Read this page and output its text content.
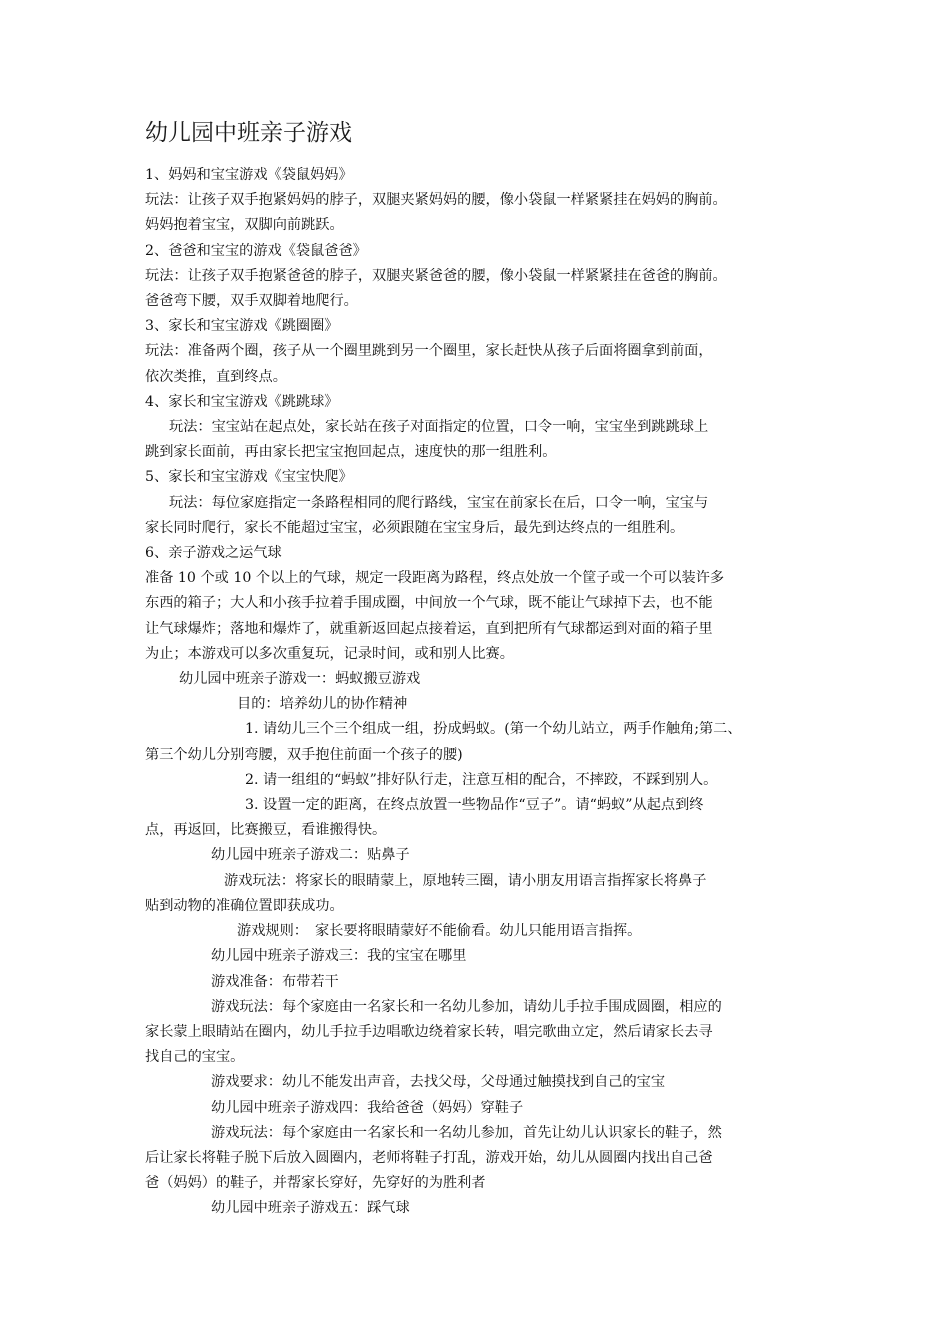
幼儿园中班亲子游戏

1、妈妈和宝宝游戏《袋鼠妈妈》

玩法：让孩子双手抱紧妈妈的脖子，双腿夹紧妈妈的腰，像小袋鼠一样紧紧挂在妈妈的胸前。

妈妈抱着宝宝，双脚向前跳跃。

2、爸爸和宝宝的游戏《袋鼠爸爸》

玩法：让孩子双手抱紧爸爸的脖子，双腿夹紧爸爸的腰，像小袋鼠一样紧紧挂在爸爸的胸前。

爸爸弯下腰，双手双脚着地爬行。

3、家长和宝宝游戏《跳圈圈》

玩法：准备两个圈，孩子从一个圈里跳到另一个圈里，家长赶快从孩子后面将圈拿到前面，

依次类推，直到终点。

4、家长和宝宝游戏《跳跳球》

玩法：宝宝站在起点处，家长站在孩子对面指定的位置，口令一响，宝宝坐到跳跳球上

跳到家长面前，再由家长把宝宝抱回起点，速度快的那一组胜利。

5、家长和宝宝游戏《宝宝快爬》

玩法：每位家庭指定一条路程相同的爬行路线，宝宝在前家长在后，口令一响，宝宝与

家长同时爬行，家长不能超过宝宝，必须跟随在宝宝身后，最先到达终点的一组胜利。

6、亲子游戏之运气球

准备 10 个或 10 个以上的气球，规定一段距离为路程，终点处放一个筐子或一个可以装许多

东西的箱子；大人和小孩手拉着手围成圈，中间放一个气球，既不能让气球掉下去，也不能

让气球爆炸；落地和爆炸了，就重新返回起点接着运，直到把所有气球都运到对面的箱子里

为止；本游戏可以多次重复玩，记录时间，或和别人比赛。

幼儿园中班亲子游戏一：蚂蚁搬豆游戏

目的：培养幼儿的协作精神

1. 请幼儿三个三个组成一组，扮成蚂蚁。(第一个幼儿站立，两手作触角;第二、

第三个幼儿分别弯腰，双手抱住前面一个孩子的腰)

2. 请一组组的“蚂蚁”排好队行走，注意互相的配合，不摔跤，不踩到别人。

3. 设置一定的距离，在终点放置一些物品作“豆子”。请“蚂蚁”从起点到终

点，再返回，比赛搬豆，看谁搬得快。

幼儿园中班亲子游戏二：贴鼻子

游戏玩法：将家长的眼睛蒙上，原地转三圈，请小朋友用语言指挥家长将鼻子

贴到动物的准确位置即获成功。

游戏规则：　家长要将眼睛蒙好不能偷看。幼儿只能用语言指挥。

幼儿园中班亲子游戏三：我的宝宝在哪里

游戏准备：布带若干

游戏玩法：每个家庭由一名家长和一名幼儿参加，请幼儿手拉手围成圆圈，相应的

家长蒙上眼睛站在圈内，幼儿手拉手边唱歌边绕着家长转，唱完歌曲立定，然后请家长去寻

找自己的宝宝。

游戏要求：幼儿不能发出声音，去找父母，父母通过触摸找到自己的宝宝

幼儿园中班亲子游戏四：我给爸爸（妈妈）穿鞋子

游戏玩法：每个家庭由一名家长和一名幼儿参加，首先让幼儿认识家长的鞋子，然

后让家长将鞋子脱下后放入圆圈内，老师将鞋子打乱，游戏开始，幼儿从圆圈内找出自己爸

爸（妈妈）的鞋子，并帮家长穿好，先穿好的为胜利者

幼儿园中班亲子游戏五：踩气球
